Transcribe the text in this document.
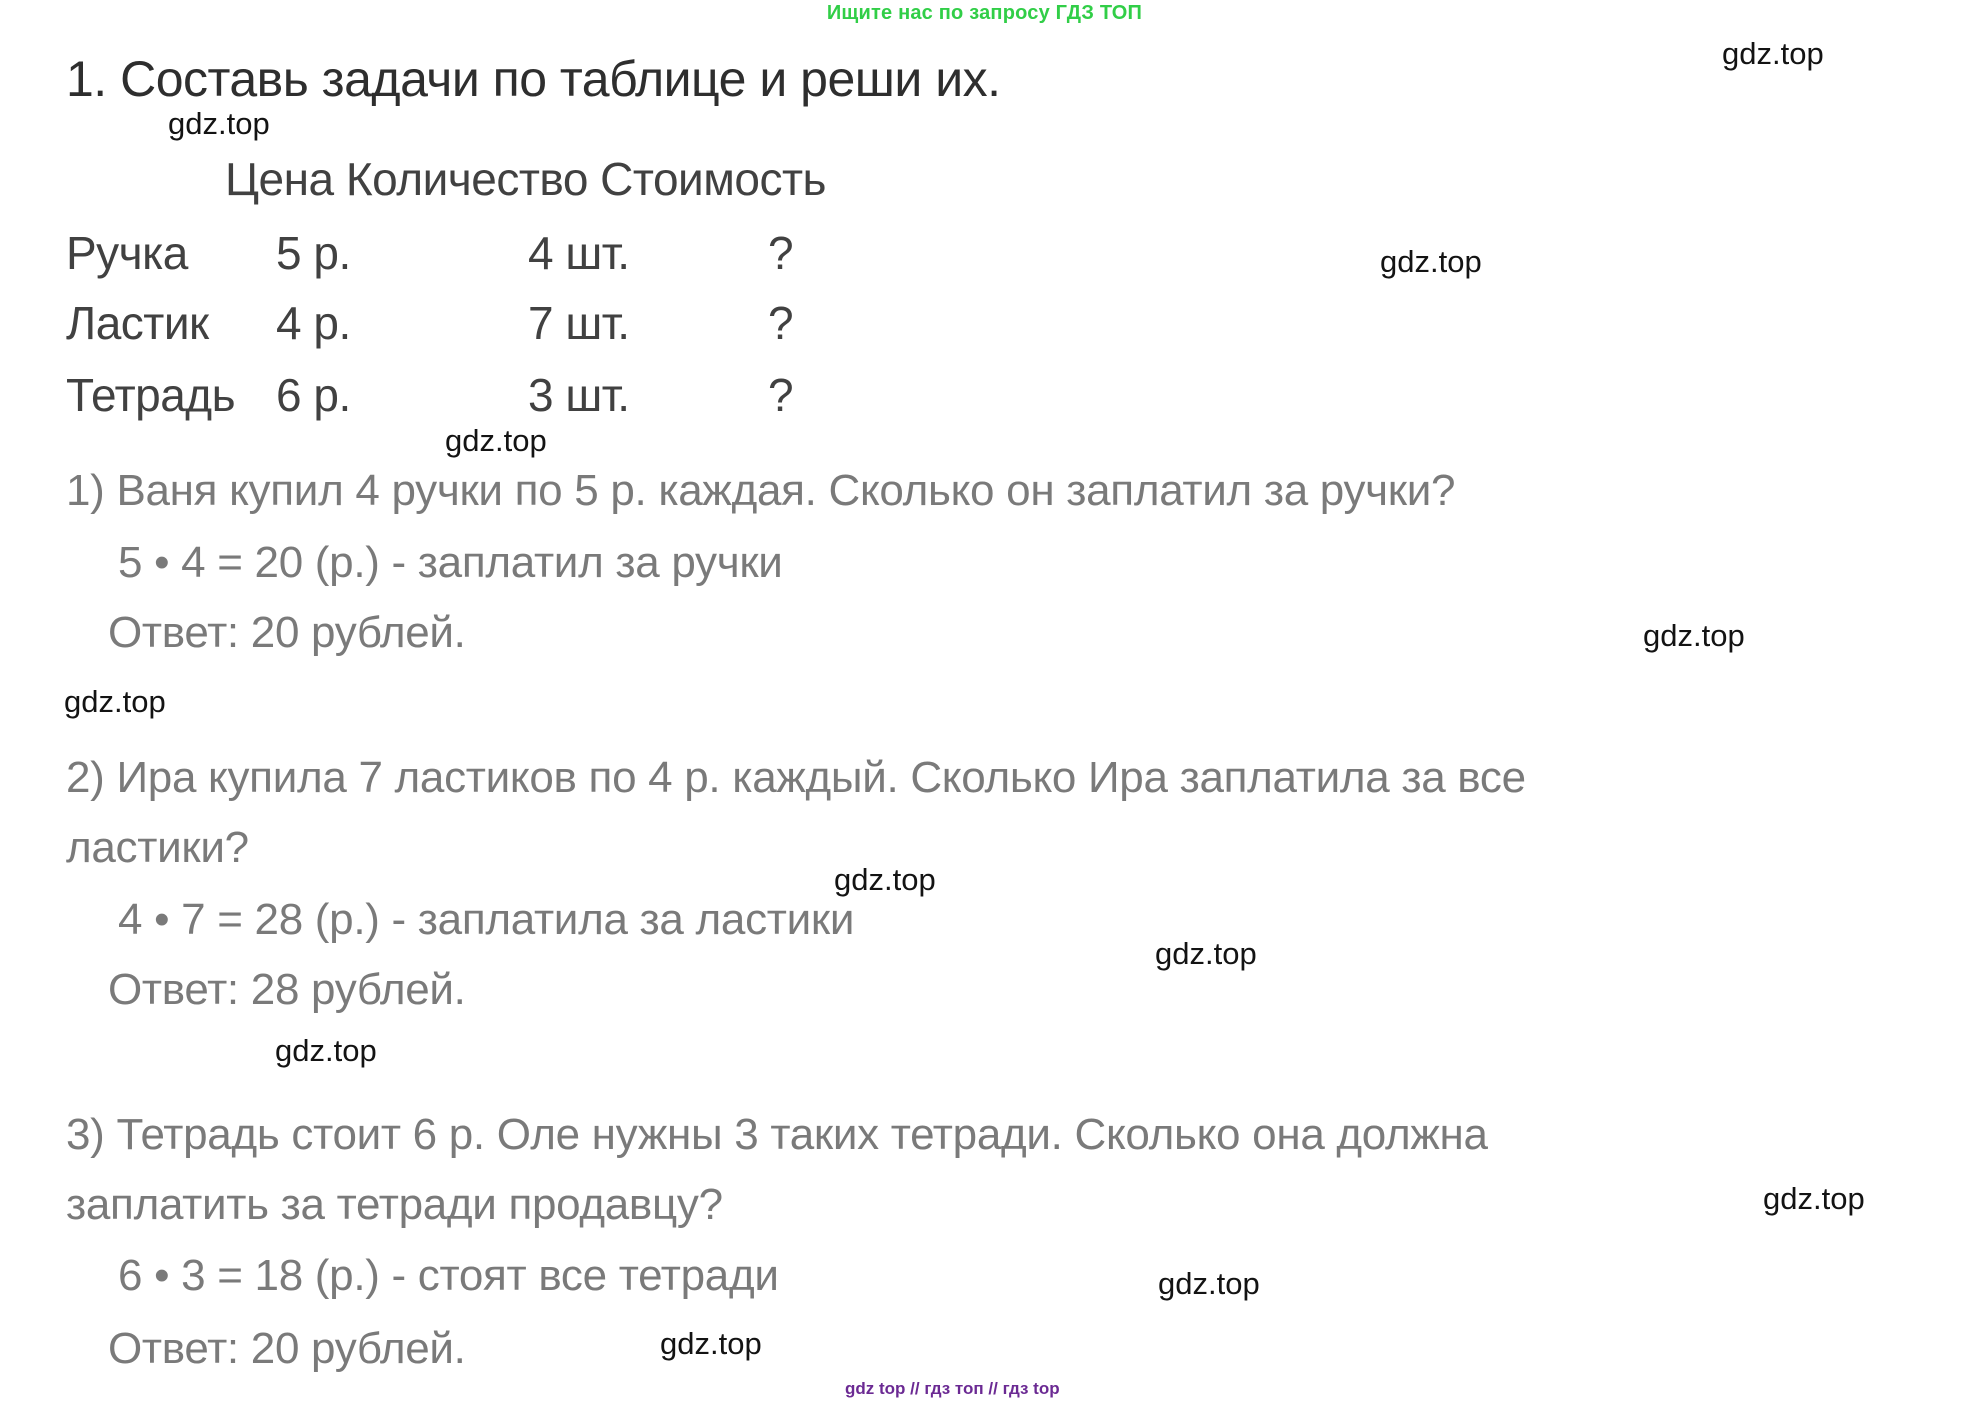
Ищите нас по запросу ГДЗ ТОП
gdz.top
gdz.top
gdz.top
gdz.top
gdz.top
gdz.top
gdz.top
gdz.top
gdz.top
gdz.top
gdz.top
gdz.top
1. Составь задачи по таблице и реши их.
Цена Количество Стоимость
Ручка	5 р.	4 шт.	?
Ластик	4 р.	7 шт.	?
Тетрадь 6 р.	3 шт.	?
1) Ваня купил 4 ручки по 5 р. каждая. Сколько он заплатил за ручки?
5 • 4 = 20 (р.) - заплатил за ручки
Ответ: 20 рублей.
2) Ира купила 7 ластиков по 4 р. каждый. Сколько Ира заплатила за все
ластики?
4 • 7 = 28 (р.) - заплатила за ластики
Ответ: 28 рублей.
3) Тетрадь стоит 6 р. Оле нужны 3 таких тетради. Сколько она должна
заплатить за тетради продавцу?
6 • 3 = 18 (р.) - стоят все тетради
Ответ: 20 рублей.
gdz top // гдз топ // гдз top
